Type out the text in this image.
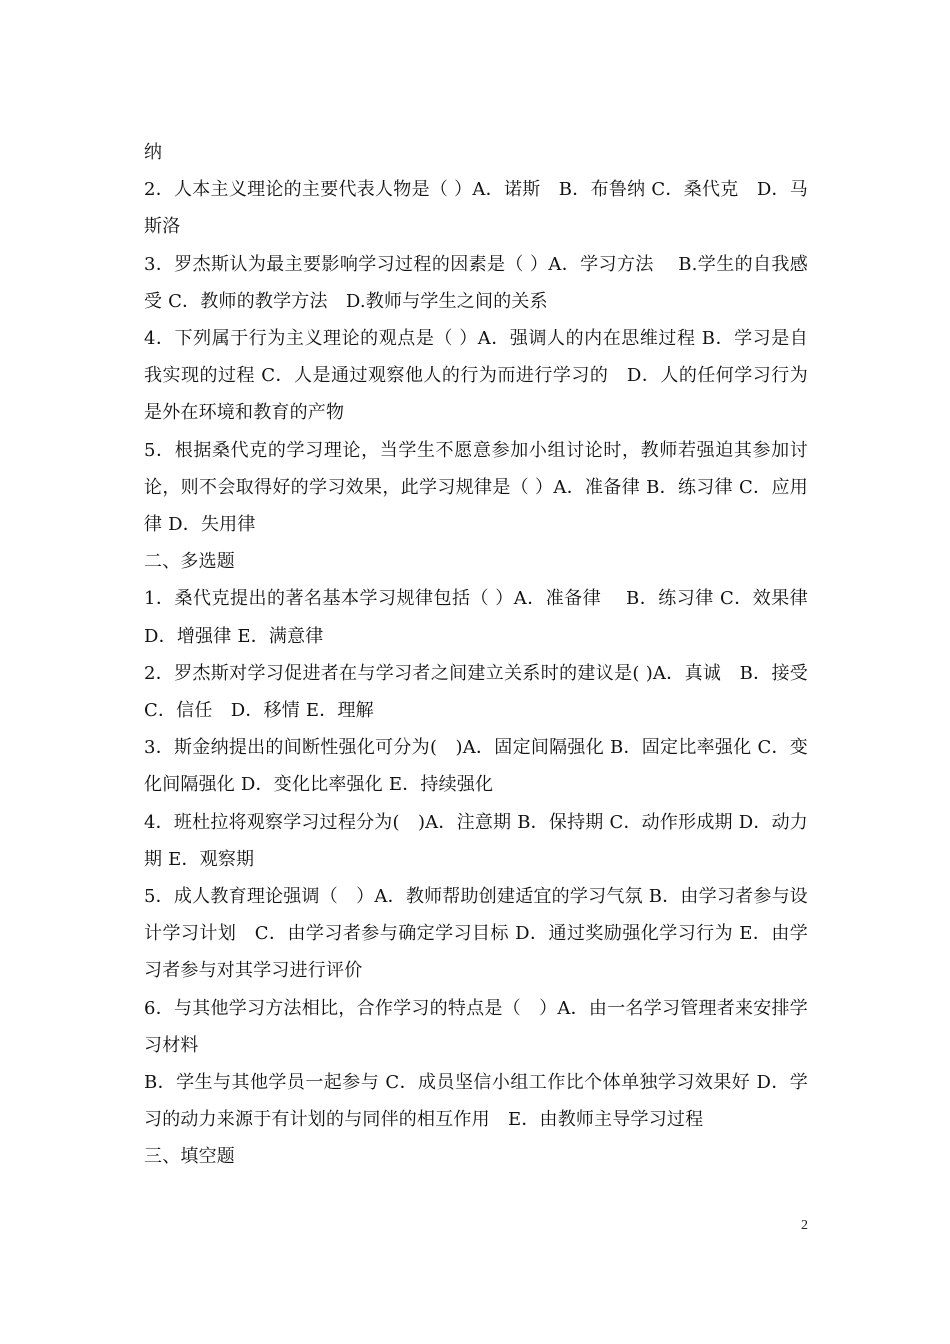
纳

2．人本主义理论的主要代表人物是（ ）A．诺斯　B．布鲁纳 C．桑代克　D．马斯洛

3．罗杰斯认为最主要影响学习过程的因素是（ ）A．学习方法　 B.学生的自我感受 C．教师的教学方法　D.教师与学生之间的关系

4．下列属于行为主义理论的观点是（ ）A．强调人的内在思维过程 B．学习是自我实现的过程 C．人是通过观察他人的行为而进行学习的　D．人的任何学习行为是外在环境和教育的产物

5．根据桑代克的学习理论，当学生不愿意参加小组讨论时，教师若强迫其参加讨论，则不会取得好的学习效果，此学习规律是（ ）A．准备律 B．练习律 C．应用律 D．失用律

二、多选题

1．桑代克提出的著名基本学习规律包括（ ）A．准备律　 B．练习律 C．效果律　D．增强律 E．满意律

2．罗杰斯对学习促进者在与学习者之间建立关系时的建议是( )A．真诚　B．接受 C．信任　D．移情 E．理解

3．斯金纳提出的间断性强化可分为(　)A．固定间隔强化 B．固定比率强化 C．变化间隔强化 D．变化比率强化 E．持续强化

4．班杜拉将观察学习过程分为(　)A．注意期 B．保持期 C．动作形成期 D．动力期 E．观察期

5．成人教育理论强调（　）A．教师帮助创建适宜的学习气氛 B．由学习者参与设计学习计划　C．由学习者参与确定学习目标 D．通过奖励强化学习行为 E．由学习者参与对其学习进行评价

6．与其他学习方法相比，合作学习的特点是（　）A．由一名学习管理者来安排学习材料

B．学生与其他学员一起参与 C．成员坚信小组工作比个体单独学习效果好 D．学习的动力来源于有计划的与同伴的相互作用　E．由教师主导学习过程

三、填空题

2
